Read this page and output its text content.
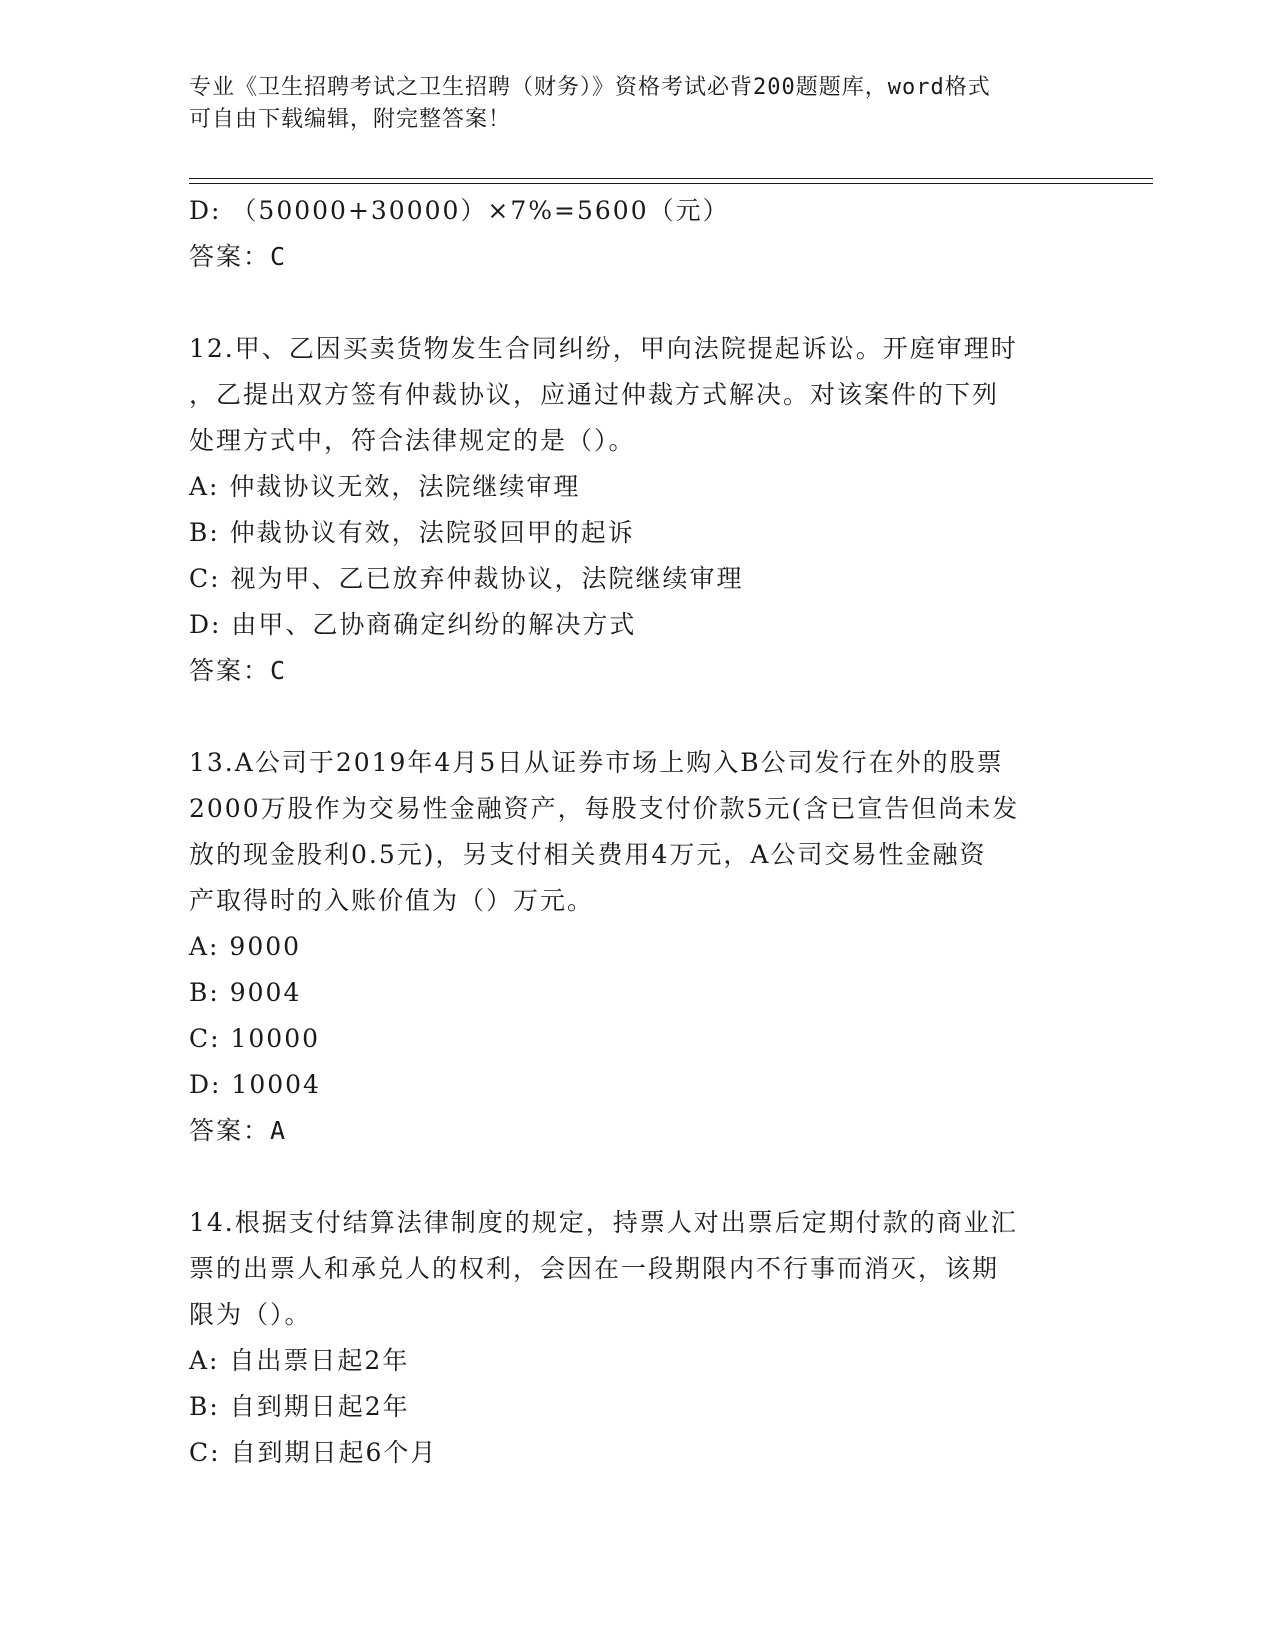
专业《卫生招聘考试之卫生招聘（财务）》资格考试必背200题题库，word格式
可自由下载编辑，附完整答案！
D: （50000+30000）×7%=5600（元）
答案：C
12.甲、乙因买卖货物发生合同纠纷，甲向法院提起诉讼。开庭审理时
，乙提出双方签有仲裁协议，应通过仲裁方式解决。对该案件的下列
处理方式中，符合法律规定的是（）。
A: 仲裁协议无效，法院继续审理
B: 仲裁协议有效，法院驳回甲的起诉
C: 视为甲、乙已放弃仲裁协议，法院继续审理
D: 由甲、乙协商确定纠纷的解决方式
答案：C
13.A公司于2019年4月5日从证券市场上购入B公司发行在外的股票
2000万股作为交易性金融资产，每股支付价款5元(含已宣告但尚未发
放的现金股利0.5元)，另支付相关费用4万元，A公司交易性金融资
产取得时的入账价值为（）万元。
A: 9000
B: 9004
C: 10000
D: 10004
答案：A
14.根据支付结算法律制度的规定，持票人对出票后定期付款的商业汇
票的出票人和承兑人的权利，会因在一段期限内不行事而消灭，该期
限为（）。
A: 自出票日起2年
B: 自到期日起2年
C: 自到期日起6个月
